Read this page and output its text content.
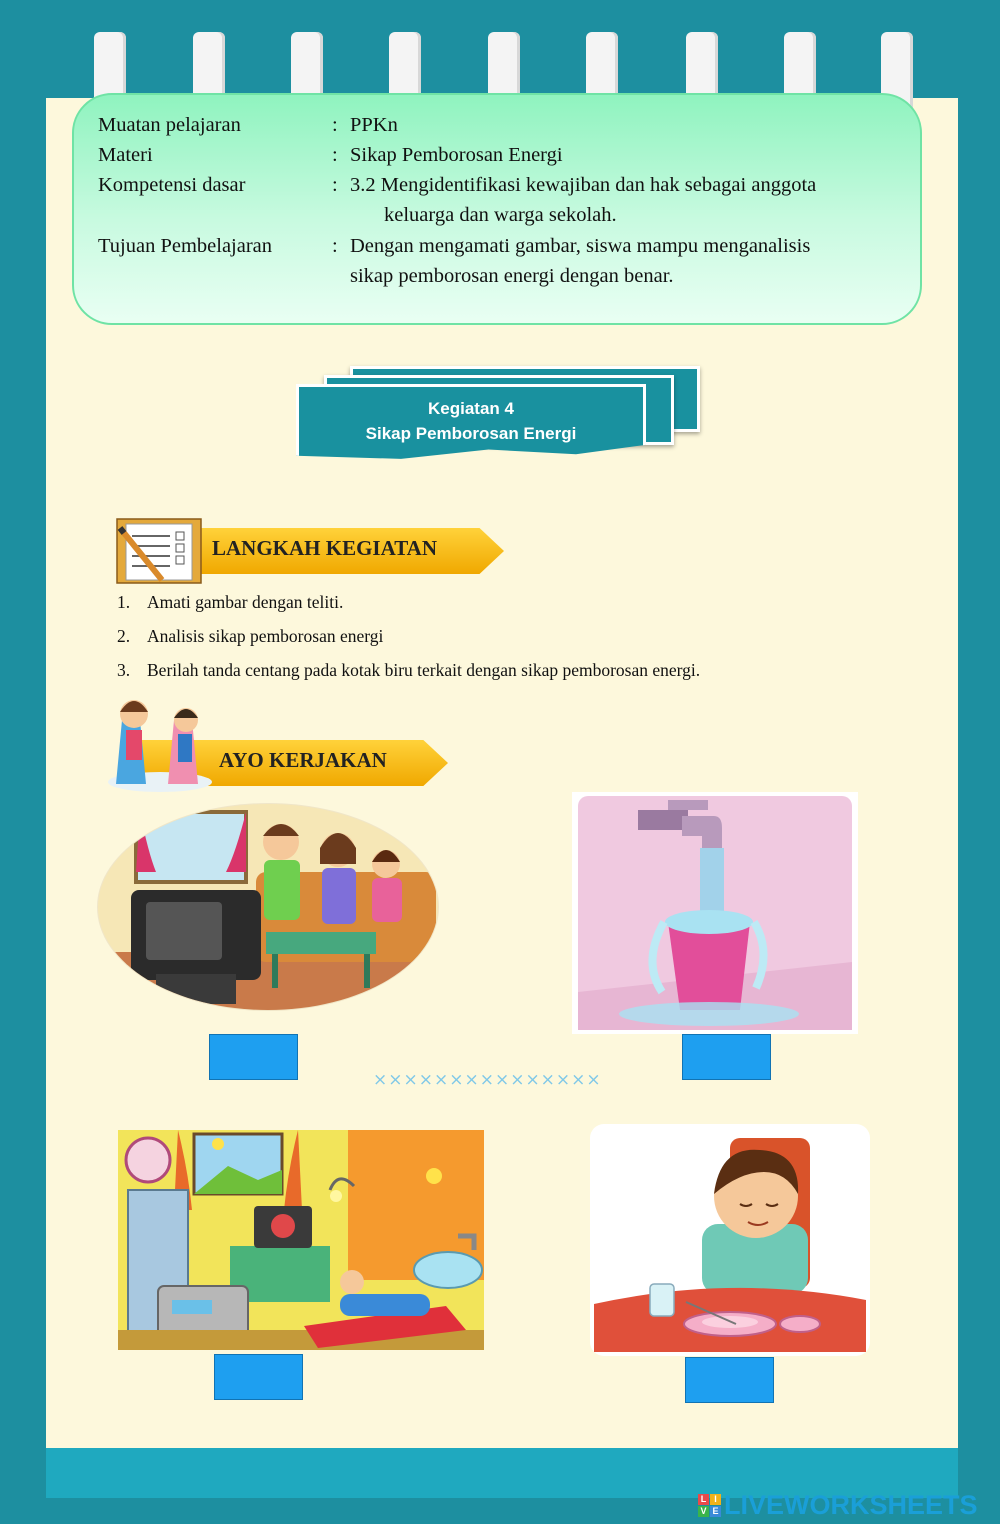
Muatan pelajaran	: PPKn
Materi	: Sikap Pemborosan Energi
Kompetensi dasar	: 3.2 Mengidentifikasi kewajiban dan hak sebagai anggota
keluarga dan warga sekolah.
Tujuan Pembelajaran	: Dengan mengamati gambar, siswa mampu menganalisis
sikap pemborosan energi dengan benar.
Kegiatan 4
Sikap Pemborosan Energi
LANGKAH KEGIATAN
1. Amati gambar dengan teliti.
2. Analisis sikap pemborosan energi
3. Berilah tanda centang pada kotak biru terkait dengan sikap pemborosan energi.
AYO KERJAKAN
×××××××××××××××
L I
V E LIVEWORKSHEETS
